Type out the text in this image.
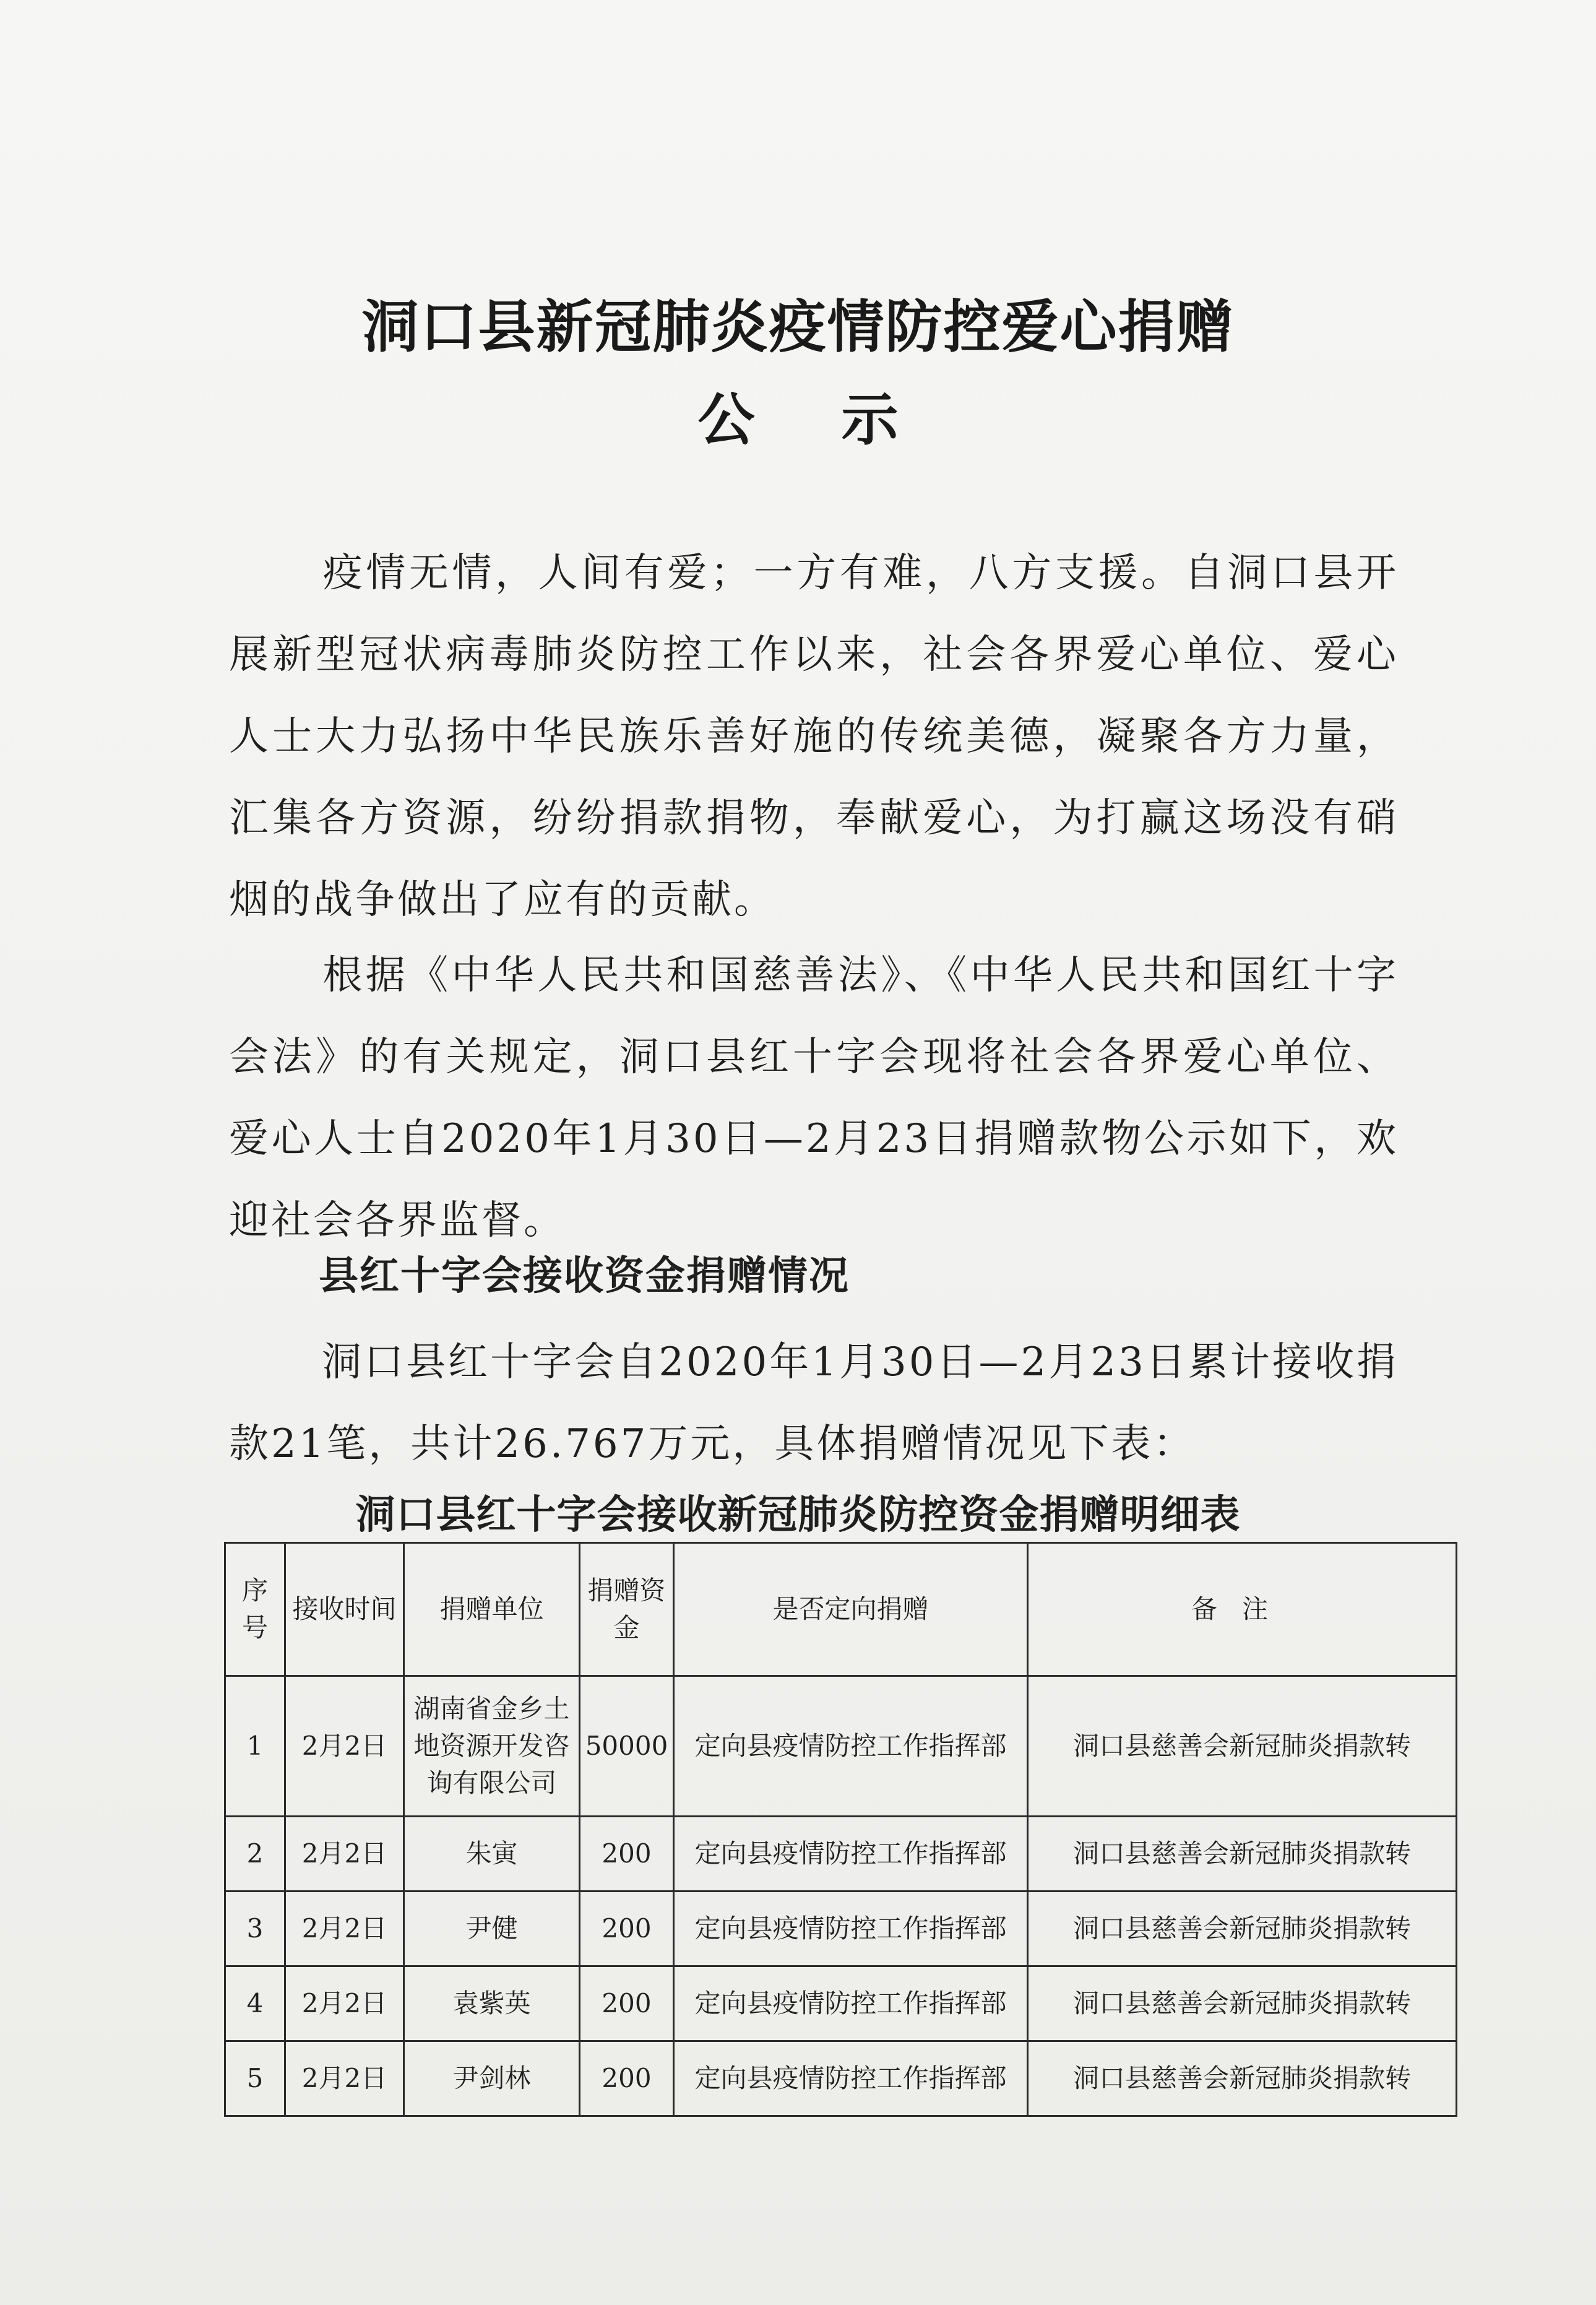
洞口县新冠肺炎疫情防控爱心捐赠
公 示
疫情无情，人间有爱；一方有难，八方支援。自洞口县开展新型冠状病毒肺炎防控工作以来，社会各界爱心单位、爱心人士大力弘扬中华民族乐善好施的传统美德，凝聚各方力量，汇集各方资源，纷纷捐款捐物，奉献爱心，为打赢这场没有硝烟的战争做出了应有的贡献。
根据《中华人民共和国慈善法》、《中华人民共和国红十字会法》的有关规定，洞口县红十字会现将社会各界爱心单位、爱心人士自2020年1月30日—2月23日捐赠款物公示如下，欢迎社会各界监督。
县红十字会接收资金捐赠情况
洞口县红十字会自2020年1月30日—2月23日累计接收捐款21笔，共计26.767万元，具体捐赠情况见下表：
洞口县红十字会接收新冠肺炎防控资金捐赠明细表
序号	接收时间	捐赠单位	捐赠资金	是否定向捐赠	备注
1	2月2日	湖南省金乡土地资源开发咨询有限公司	50000	定向县疫情防控工作指挥部	洞口县慈善会新冠肺炎捐款转
2	2月2日	朱寅	200	定向县疫情防控工作指挥部	洞口县慈善会新冠肺炎捐款转
3	2月2日	尹健	200	定向县疫情防控工作指挥部	洞口县慈善会新冠肺炎捐款转
4	2月2日	袁紫英	200	定向县疫情防控工作指挥部	洞口县慈善会新冠肺炎捐款转
5	2月2日	尹剑林	200	定向县疫情防控工作指挥部	洞口县慈善会新冠肺炎捐款转
